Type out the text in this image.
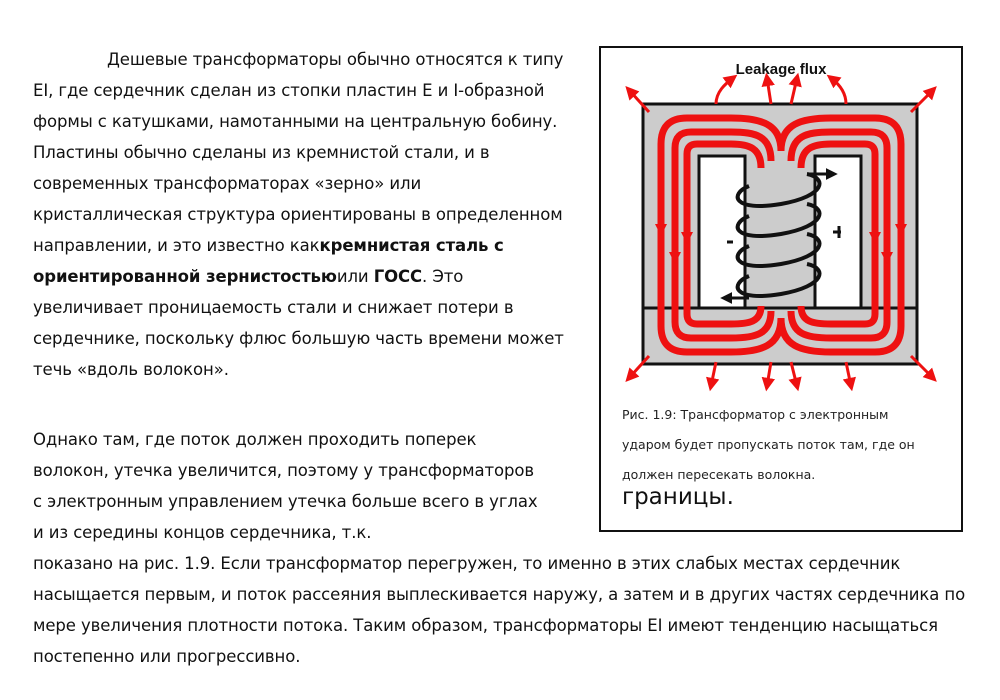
Дешевые трансформаторы обычно относятся к типу
EI, где сердечник сделан из стопки пластин E и I-образной
формы с катушками, намотанными на центральную бобину.
Пластины обычно сделаны из кремнистой стали, и в
современных трансформаторах «зерно» или
кристаллическая структура ориентированы в определенном
направлении, и это известно каккремнистая сталь с
ориентированной зернистостьюили ГОСС. Это
увеличивает проницаемость стали и снижает потери в
сердечнике, поскольку флюс большую часть времени может
течь «вдоль волокон».
Однако там, где поток должен проходить поперек
волокон, утечка увеличится, поэтому у трансформаторов
с электронным управлением утечка больше всего в углах
и из середины концов сердечника, т.к.
показано на рис. 1.9. Если трансформатор перегружен, то именно в этих слабых местах сердечник
насыщается первым, и поток рассеяния выплескивается наружу, а затем и в других частях сердечника по
мере увеличения плотности потока. Таким образом, трансформаторы EI имеют тенденцию насыщаться
постепенно или прогрессивно.
Leakage flux
Рис. 1.9: Трансформатор с электронным
ударом будет пропускать поток там, где он
должен пересекать волокна.
границы.
